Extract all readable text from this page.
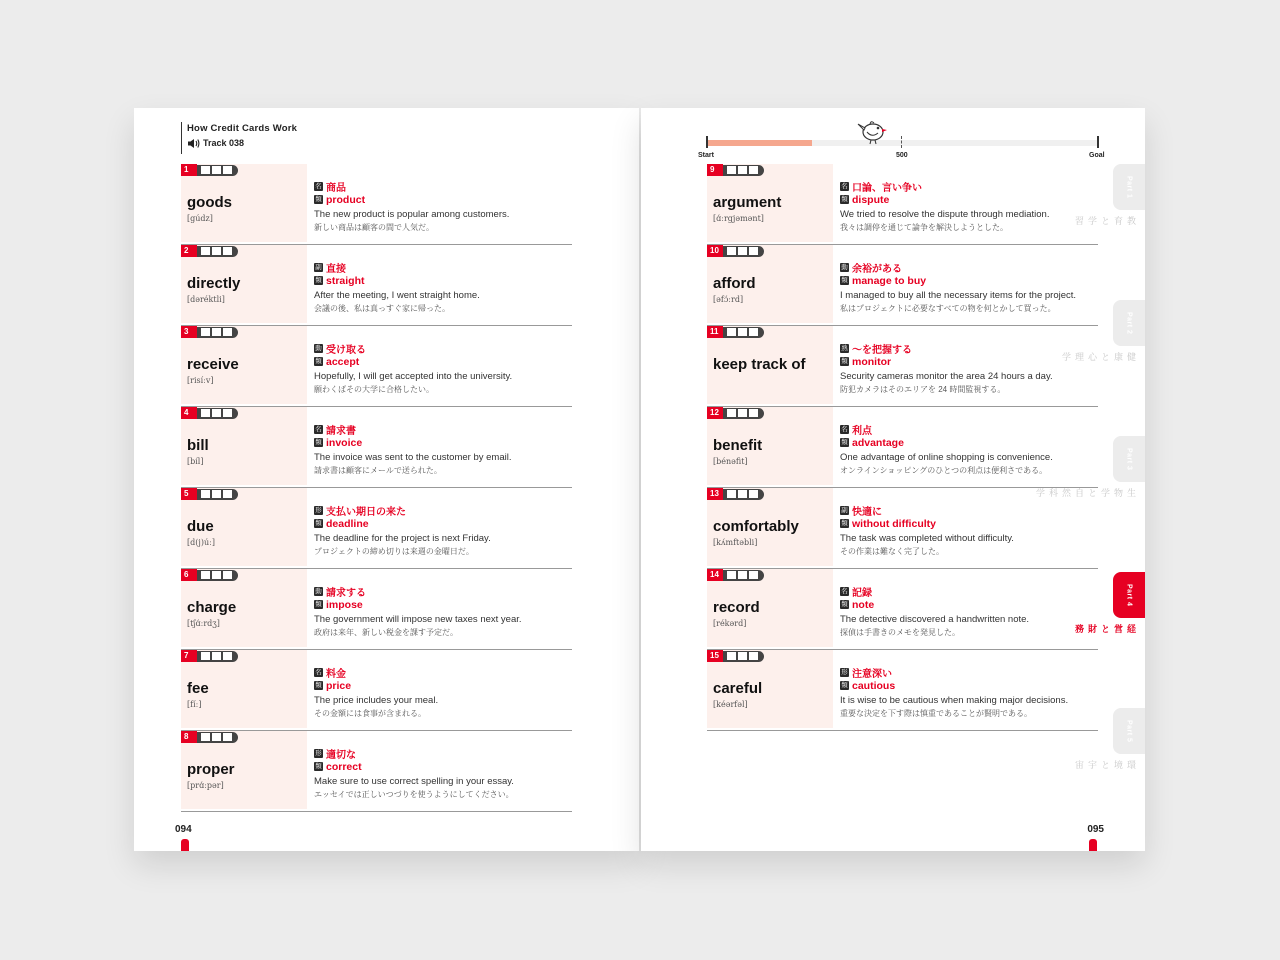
How Credit Cards Work
Track 038
1
goods
[gúdz]
名 商品
類 product
The new product is popular among customers.
新しい商品は顧客の間で人気だ。
2
directly
[dəréktli]
副 直接
類 straight
After the meeting, I went straight home.
会議の後、私は真っすぐ家に帰った。
3
receive
[risíːv]
動 受け取る
類 accept
Hopefully, I will get accepted into the university.
願わくばその大学に合格したい。
4
bill
[bíl]
名 請求書
類 invoice
The invoice was sent to the customer by email.
請求書は顧客にメールで送られた。
5
due
[d(j)úː]
形 支払い期日の来た
類 deadline
The deadline for the project is next Friday.
プロジェクトの締め切りは来週の金曜日だ。
6
charge
[tʃɑ́ːrdʒ]
動 請求する
類 impose
The government will impose new taxes next year.
政府は来年、新しい税金を課す予定だ。
7
fee
[fíː]
名 料金
類 price
The price includes your meal.
その金額には食事が含まれる。
8
proper
[prɑ́ːpər]
形 適切な
類 correct
Make sure to use correct spelling in your essay.
エッセイでは正しいつづりを使うようにしてください。
094
Start	500	Goal
9
argument
[ɑ́ːrgjəmənt]
名 口論、言い争い
類 dispute
We tried to resolve the dispute through mediation.
我々は調停を通じて論争を解決しようとした。
10
afford
[əfɔ́ːrd]
動 余裕がある
類 manage to buy
I managed to buy all the necessary items for the project.
私はプロジェクトに必要なすべての物を何とかして買った。
11
keep track of
熟 ～を把握する
類 monitor
Security cameras monitor the area 24 hours a day.
防犯カメラはそのエリアを 24 時間監視する。
12
benefit
[bénəfit]
名 利点
類 advantage
One advantage of online shopping is convenience.
オンラインショッピングのひとつの利点は便利さである。
13
comfortably
[kʌ́mftəbli]
副 快適に
類 without difficulty
The task was completed without difficulty.
その作業は難なく完了した。
14
record
[rékərd]
名 記録
類 note
The detective discovered a handwritten note.
探偵は手書きのメモを発見した。
15
careful
[kéərfəl]
形 注意深い
類 cautious
It is wise to be cautious when making major decisions.
重要な決定を下す際は慎重であることが賢明である。
Part 1
教育と学習
Part 2
健康と心理学
Part 3
生物学と自然科学
Part 4
経営と財務
Part 5
環境と宇宙
095
